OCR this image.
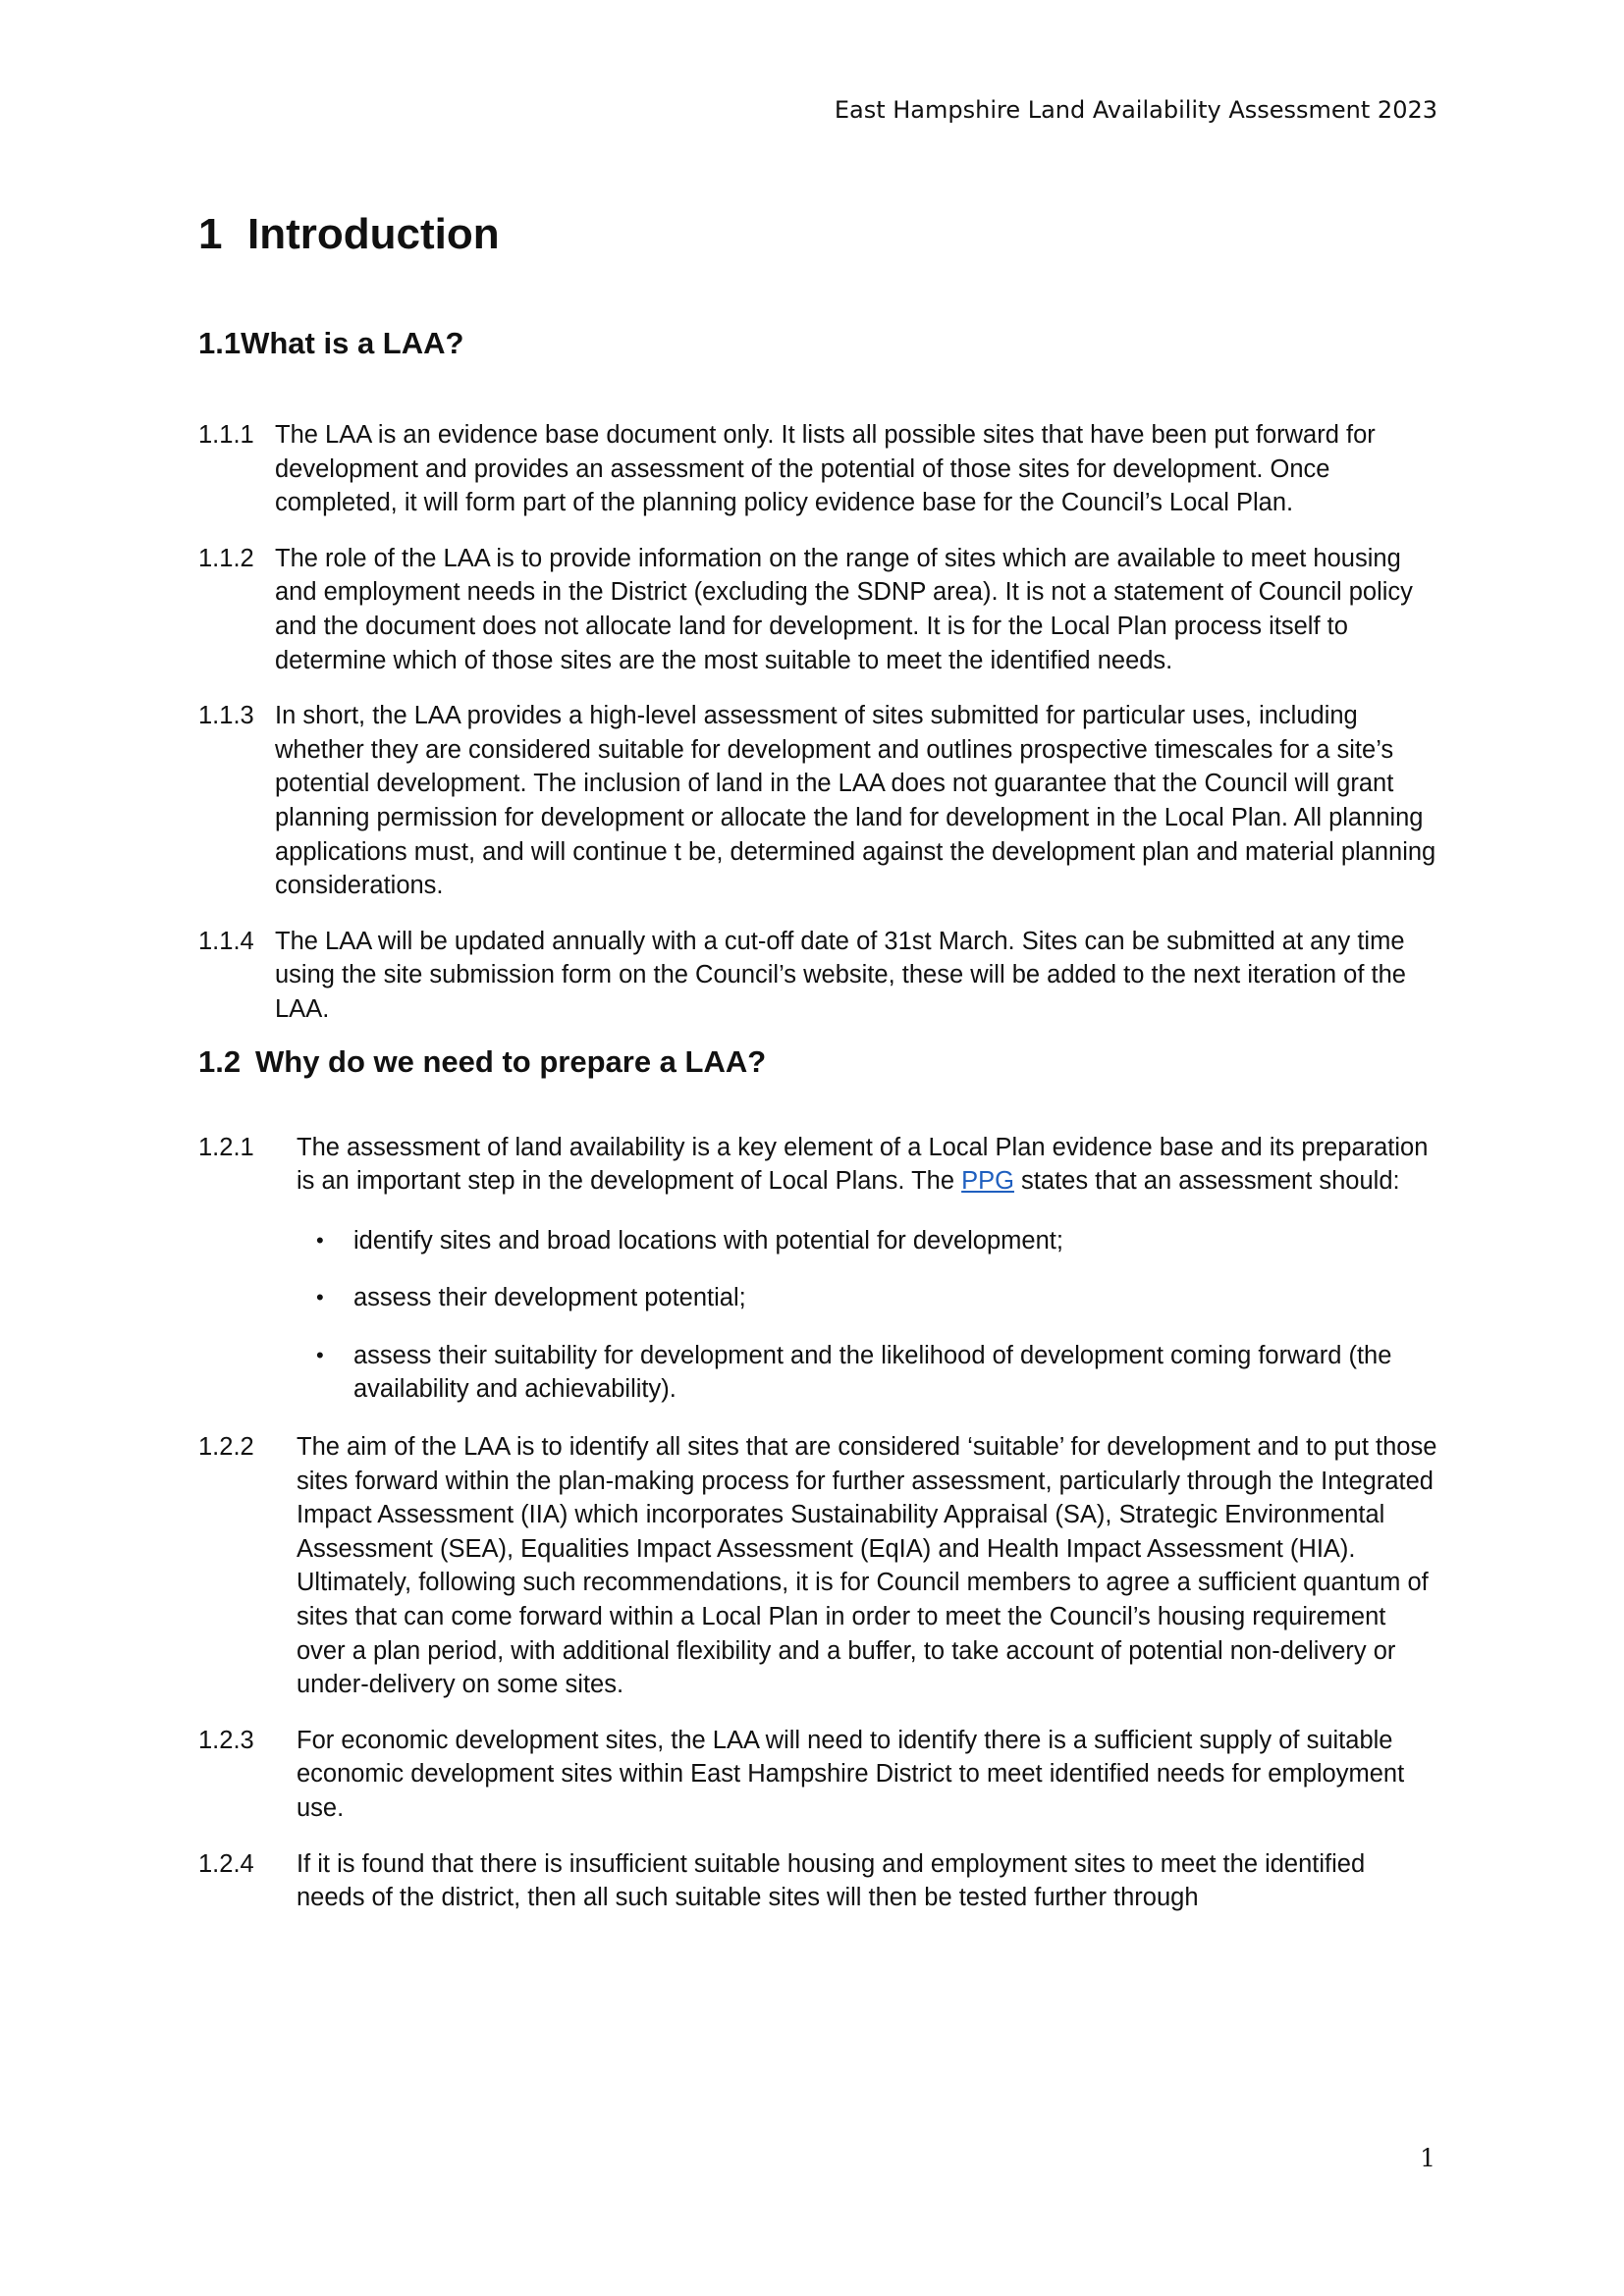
East Hampshire Land Availability Assessment 2023
1 Introduction
1.1What is a LAA?
1.1.1 The LAA is an evidence base document only. It lists all possible sites that have been put forward for development and provides an assessment of the potential of those sites for development. Once completed, it will form part of the planning policy evidence base for the Council’s Local Plan.
1.1.2 The role of the LAA is to provide information on the range of sites which are available to meet housing and employment needs in the District (excluding the SDNP area). It is not a statement of Council policy and the document does not allocate land for development. It is for the Local Plan process itself to determine which of those sites are the most suitable to meet the identified needs.
1.1.3 In short, the LAA provides a high-level assessment of sites submitted for particular uses, including whether they are considered suitable for development and outlines prospective timescales for a site’s potential development. The inclusion of land in the LAA does not guarantee that the Council will grant planning permission for development or allocate the land for development in the Local Plan. All planning applications must, and will continue t be, determined against the development plan and material planning considerations.
1.1.4 The LAA will be updated annually with a cut-off date of 31st March. Sites can be submitted at any time using the site submission form on the Council’s website, these will be added to the next iteration of the LAA.
1.2 Why do we need to prepare a LAA?
1.2.1	The assessment of land availability is a key element of a Local Plan evidence base and its preparation is an important step in the development of Local Plans. The PPG states that an assessment should:
•	identify sites and broad locations with potential for development;
•	assess their development potential;
•	assess their suitability for development and the likelihood of development coming forward (the availability and achievability).
1.2.2	The aim of the LAA is to identify all sites that are considered ‘suitable’ for development and to put those sites forward within the plan-making process for further assessment, particularly through the Integrated Impact Assessment (IIA) which incorporates Sustainability Appraisal (SA), Strategic Environmental Assessment (SEA), Equalities Impact Assessment (EqIA) and Health Impact Assessment (HIA). Ultimately, following such recommendations, it is for Council members to agree a sufficient quantum of sites that can come forward within a Local Plan in order to meet the Council’s housing requirement over a plan period, with additional flexibility and a buffer, to take account of potential non-delivery or under-delivery on some sites.
1.2.3	For economic development sites, the LAA will need to identify there is a sufficient supply of suitable economic development sites within East Hampshire District to meet identified needs for employment use.
1.2.4	If it is found that there is insufficient suitable housing and employment sites to meet the identified needs of the district, then all such suitable sites will then be tested further through
1
